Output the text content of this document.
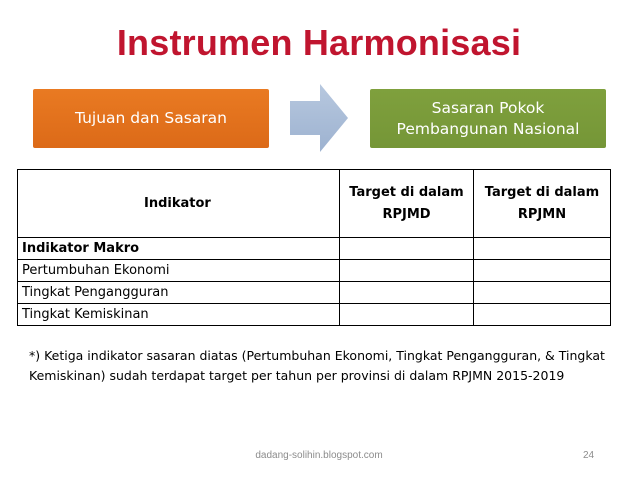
Instrumen Harmonisasi
Tujuan dan Sasaran
Sasaran Pokok Pembangunan Nasional
Indikator	Target di dalam RPJMD	Target di dalam RPJMN
Indikator Makro		
Pertumbuhan Ekonomi		
Tingkat Pengangguran		
Tingkat Kemiskinan		
*) Ketiga indikator sasaran diatas (Pertumbuhan Ekonomi, Tingkat Pengangguran, & Tingkat Kemiskinan) sudah terdapat target per tahun per provinsi di dalam RPJMN 2015-2019
dadang-solihin.blogspot.com	24
